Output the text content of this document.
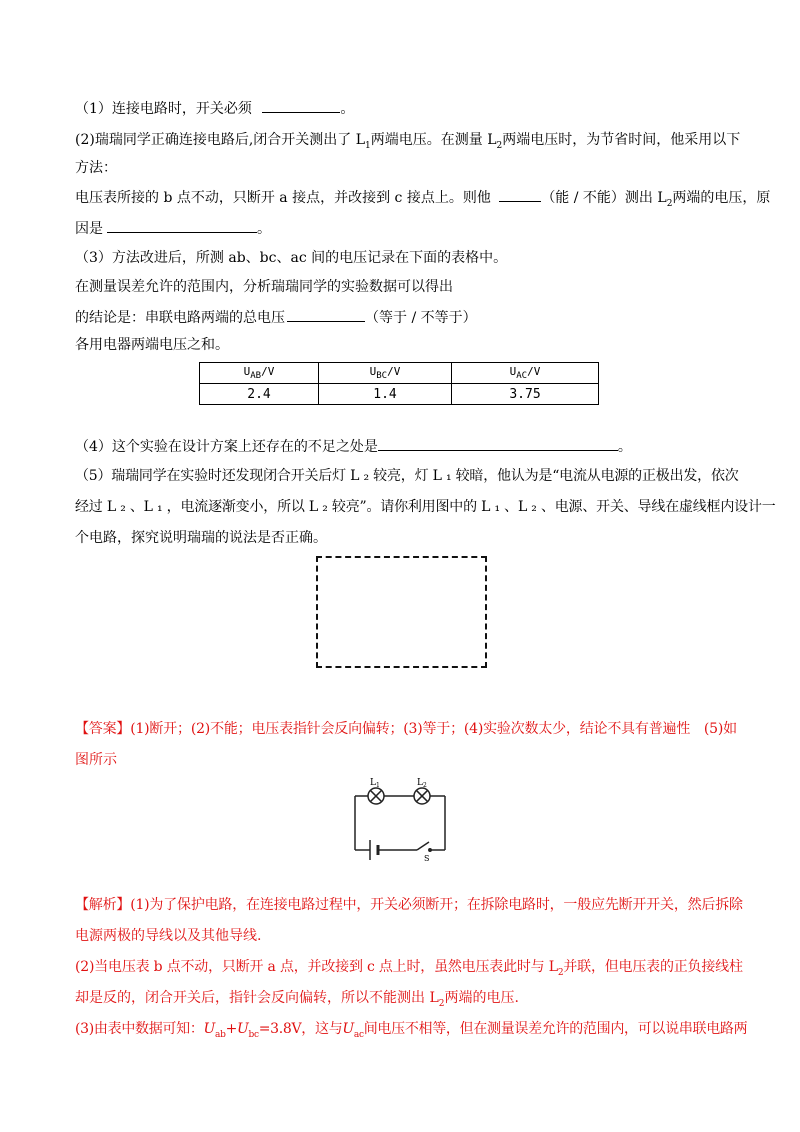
（1）连接电路时，开关必须	。
(2)瑞瑞同学正确连接电路后,闭合开关测出了 $L_1$两端电压。在测量 $L_2$两端电压时，为节省时间，他采用以下
方法：
电压表所接的 b 点不动，只断开 a 接点，并改接到 c 接点上。则他	（能 / 不能）测出 $L_2$两端的电压，原
因是	。
（3）方法改进后，所测 ab、bc、ac 间的电压记录在下面的表格中。
在测量误差允许的范围内，分析瑞瑞同学的实验数据可以得出
的结论是：串联电路两端的总电压	（等于 / 不等于）
各用电器两端电压之和。
$U_{AB}/V$	$U_{BC}/V$	$U_{AC}/V$
2.4	1.4	3.75
（4）这个实验在设计方案上还存在的不足之处是	。
（5）瑞瑞同学在实验时还发现闭合开关后灯 L ₂ 较亮，灯 L ₁ 较暗，他认为是“电流从电源的正极出发，依次
经过 L ₂ 、L ₁ ，电流逐渐变小，所以 L ₂ 较亮”。请你利用图中的 L ₁ 、L ₂ 、电源、开关、导线在虚线框内设计一
个电路，探究说明瑞瑞的说法是否正确。
【答案】(1)断开；(2)不能；电压表指针会反向偏转；(3)等于；(4)实验次数太少，结论不具有普遍性　(5)如
图所示
$L_1$	$L_2$
S
【解析】(1)为了保护电路，在连接电路过程中，开关必须断开；在拆除电路时，一般应先断开开关，然后拆除
电源两极的导线以及其他导线.
(2)当电压表 b 点不动，只断开 a 点，并改接到 c 点上时，虽然电压表此时与 $L_2$并联，但电压表的正负接线柱
却是反的，闭合开关后，指针会反向偏转，所以不能测出 $L_2$两端的电压.
(3)由表中数据可知：$U_{ab}+U_{bc}=3.8V$，这与$U_{ac}$间电压不相等，但在测量误差允许的范围内，可以说串联电路两
